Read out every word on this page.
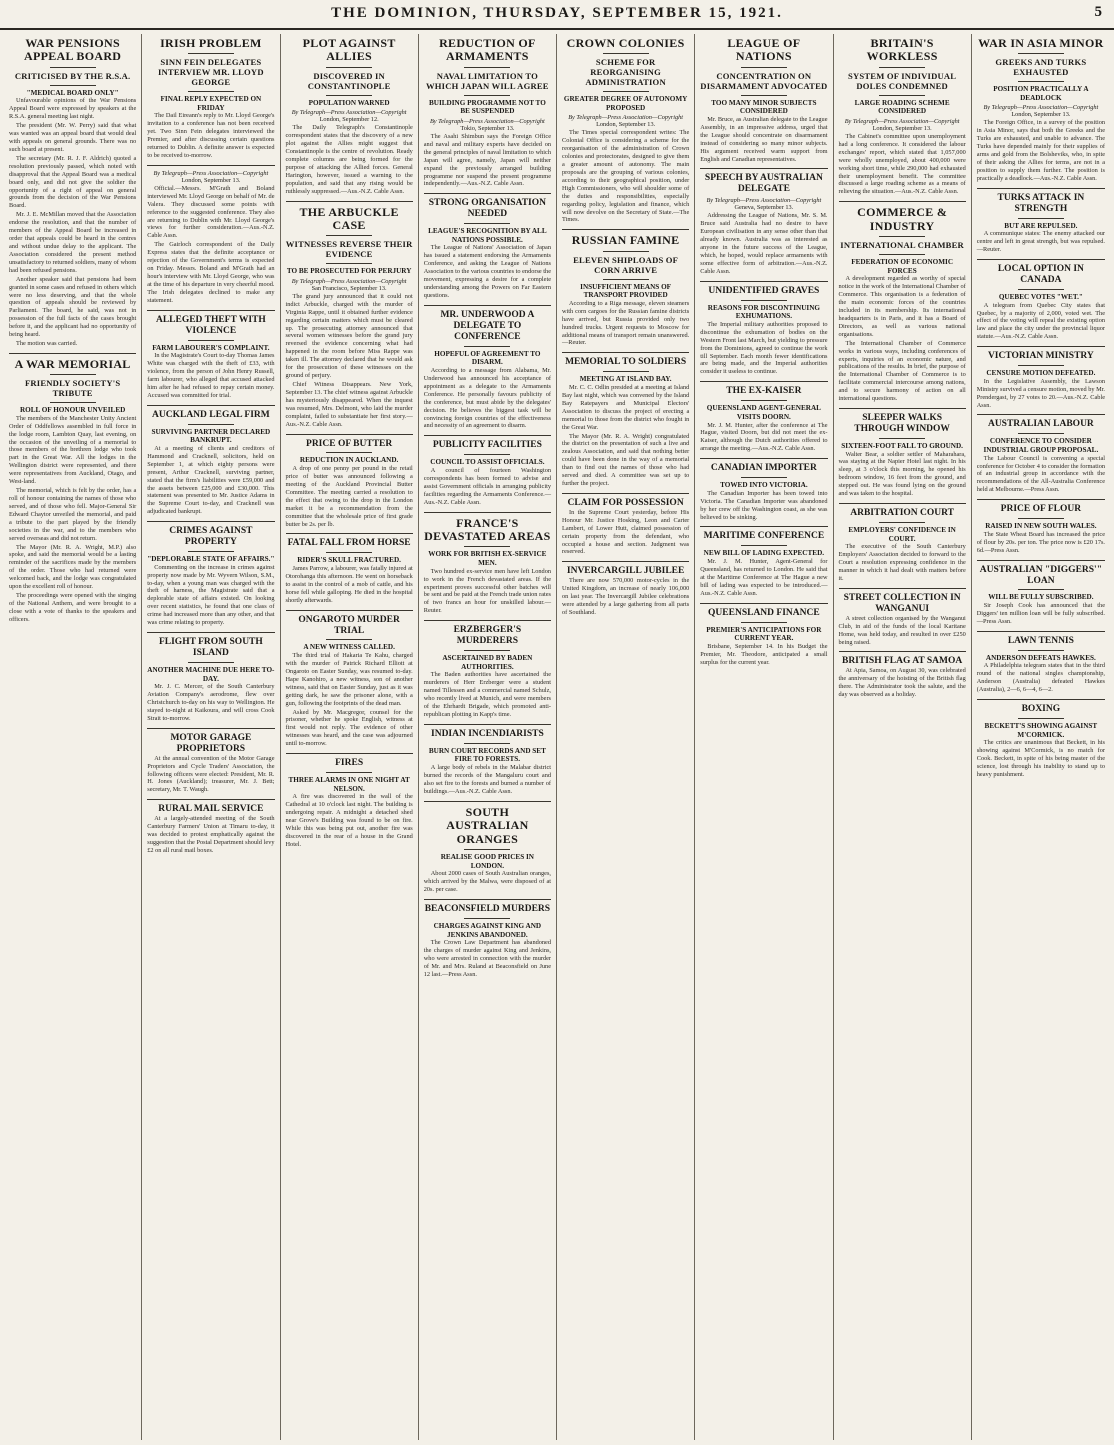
THE DOMINION, THURSDAY, SEPTEMBER 15, 1921.	5
WAR PENSIONS APPEAL BOARD
CRITICISED BY THE R.S.A.
"MEDICAL BOARD ONLY"

Unfavourable opinions of the War Pensions Appeal Board were expressed by speakers at the R.S.A. general meeting last night.

The president (Mr. W. Perry) said that what was wanted was an appeal board that would deal with appeals on general grounds. There was no such board at present.

The secretary (Mr. R. J. F. Aldrich) quoted a resolution previously passed, which noted with disapproval that the Appeal Board was a medical board only, and did not give the soldier the opportunity of a right of appeal on general grounds from the decision of the War Pensions Board.

Mr. J. E. McMillan moved that the Association endorse the resolution, and that the number of members of the Appeal Board be increased in order that appeals could be heard in the centres and without undue delay to the applicant. The Association considered the present method unsatisfactory to returned soldiers, many of whom had been refused pensions.

Another speaker said that pensions had been granted in some cases and refused in others which were no less deserving, and that the whole question of appeals should be reviewed by Parliament. The board, he said, was not in possession of the full facts of the cases brought before it, and the applicant had no opportunity of being heard.

The motion was carried.

A WAR MEMORIAL
FRIENDLY SOCIETY'S TRIBUTE
ROLL OF HONOUR UNVEILED

The members of the Manchester Unity Ancient Order of Oddfellows assembled in full force in the lodge room, Lambton Quay, last evening, on the occasion of the unveiling of a memorial to those members of the brethren lodge who took part in the Great War. All the lodges in the Wellington district were represented, and there were representatives from Auckland, Otago, and West-land.

The memorial, which is felt by the order, has a roll of honour containing the names of those who served, and of those who fell. Major-General Sir Edward Chaytor unveiled the memorial, and paid a tribute to the part played by the friendly societies in the war, and to the members who served overseas and did not return.

The Mayor (Mr. R. A. Wright, M.P.) also spoke, and said the memorial would be a lasting reminder of the sacrifices made by the members of the order. Those who had returned were welcomed back, and the lodge was congratulated upon the excellent roll of honour.

The proceedings were opened with the singing of the National Anthem, and were brought to a close with a vote of thanks to the speakers and officers.

IRISH PROBLEM
SINN FEIN DELEGATES INTERVIEW MR. LLOYD GEORGE
FINAL REPLY EXPECTED ON FRIDAY

The Dail Eireann's reply to Mr. Lloyd George's invitation to a conference has not been received yet. Two Sinn Fein delegates interviewed the Premier, and after discussing certain questions returned to Dublin. A definite answer is expected to be received to-morrow.

By Telegraph—Press Association—Copyright
London, September 13.

Official.—Messrs. M'Grath and Boland interviewed Mr. Lloyd George on behalf of Mr. de Valera. They discussed some points with reference to the suggested conference. They also are returning to Dublin with Mr. Lloyd George's views for further consideration.—Aus.-N.Z. Cable Assn.

The Gairloch correspondent of the Daily Express states that the definite acceptance or rejection of the Government's terms is expected on Friday. Messrs. Boland and M'Grath had an hour's interview with Mr. Lloyd George, who was at the time of his departure in very cheerful mood. The Irish delegates declined to make any statement.

ALLEGED THEFT WITH VIOLENCE
FARM LABOURER'S COMPLAINT.

In the Magistrate's Court to-day Thomas James White was charged with the theft of £33, with violence, from the person of John Henry Russell, farm labourer, who alleged that accused attacked him after he had refused to repay certain money. Accused was committed for trial.

AUCKLAND LEGAL FIRM
SURVIVING PARTNER DECLARED BANKRUPT.

At a meeting of clients and creditors of Hammond and Cracknell, solicitors, held on September 1, at which eighty persons were present, Arthur Cracknell, surviving partner, stated that the firm's liabilities were £59,000 and the assets between £25,000 and £30,000. This statement was presented to Mr. Justice Adams in the Supreme Court to-day, and Cracknell was adjudicated bankrupt.

CRIMES AGAINST PROPERTY
"DEPLORABLE STATE OF AFFAIRS."

Commenting on the increase in crimes against property now made by Mr. Wyvern Wilson, S.M., to-day, when a young man was charged with the theft of harness, the Magistrate said that a deplorable state of affairs existed. On looking over recent statistics, he found that one class of crime had increased more than any other, and that was crime relating to property.

FLIGHT FROM SOUTH ISLAND
ANOTHER MACHINE DUE HERE TO-DAY.

Mr. J. C. Mercer, of the South Canterbury Aviation Company's aerodrome, flew over Christchurch to-day on his way to Wellington. He stayed to-night at Kaikoura, and will cross Cook Strait to-morrow.

MOTOR GARAGE PROPRIETORS

At the annual convention of the Motor Garage Proprietors and Cycle Traders' Association, the following officers were elected: President, Mr. R. H. Jones (Auckland); treasurer, Mr. J. Bett; secretary, Mr. T. Waugh.

RURAL MAIL SERVICE

At a largely-attended meeting of the South Canterbury Farmers' Union at Timaru to-day, it was decided to protest emphatically against the suggestion that the Postal Department should levy £2 on all rural mail boxes.

PLOT AGAINST ALLIES
DISCOVERED IN CONSTANTINOPLE
POPULATION WARNED
By Telegraph—Press Association—Copyright
London, September 12.

The Daily Telegraph's Constantinople correspondent states that the discovery of a new plot against the Allies might suggest that Constantinople is the centre of revolution. Ready complete columns are being formed for the purpose of attacking the Allied forces. General Harington, however, issued a warning to the population, and said that any rising would be ruthlessly suppressed.—Aus.-N.Z. Cable Assn.

THE ARBUCKLE CASE
WITNESSES REVERSE THEIR EVIDENCE
TO BE PROSECUTED FOR PERJURY
By Telegraph—Press Association—Copyright
San Francisco, September 13.

The grand jury announced that it could not indict Arbuckle, charged with the murder of Virginia Rappe, until it obtained further evidence regarding certain matters which must be cleared up. The prosecuting attorney announced that several women witnesses before the grand jury reversed the evidence concerning what had happened in the room before Miss Rappe was taken ill. The attorney declared that he would ask for the prosecution of these witnesses on the ground of perjury.

Chief Witness Disappears. New York, September 13. The chief witness against Arbuckle has mysteriously disappeared. When the inquest was resumed, Mrs. Delmont, who laid the murder complaint, failed to substantiate her first story.—Aus.-N.Z. Cable Assn.

PRICE OF BUTTER
REDUCTION IN AUCKLAND.

A drop of one penny per pound in the retail price of butter was announced following a meeting of the Auckland Provincial Butter Committee. The meeting carried a resolution to the effect that owing to the drop in the London market it be a recommendation from the committee that the wholesale price of first grade butter be 2s. per lb.

FATAL FALL FROM HORSE
RIDER'S SKULL FRACTURED.

James Parrow, a labourer, was fatally injured at Otorohanga this afternoon. He went on horseback to assist in the control of a mob of cattle, and his horse fell while galloping. He died in the hospital shortly afterwards.

ONGAROTO MURDER TRIAL
A NEW WITNESS CALLED.

The third trial of Hakaria Te Kahu, charged with the murder of Patrick Richard Elliott at Ongaroto on Easter Sunday, was resumed to-day. Hape Kanohiro, a new witness, son of another witness, said that on Easter Sunday, just as it was getting dark, he saw the prisoner alone, with a gun, following the footprints of the dead man.

Asked by Mr. Macgregor, counsel for the prisoner, whether he spoke English, witness at first would not reply. The evidence of other witnesses was heard, and the case was adjourned until to-morrow.

FIRES
THREE ALARMS IN ONE NIGHT AT NELSON.

A fire was discovered in the wall of the Cathedral at 10 o'clock last night. The building is undergoing repair. A midnight a detached shed near Grove's Building was found to be on fire. While this was being put out, another fire was discovered in the rear of a house in the Grand Hotel.

REDUCTION OF ARMAMENTS
NAVAL LIMITATION TO WHICH JAPAN WILL AGREE
BUILDING PROGRAMME NOT TO BE SUSPENDED
By Telegraph—Press Association—Copyright
Tokio, September 13.

The Asahi Shimbun says the Foreign Office and naval and military experts have decided on the general principles of naval limitation to which Japan will agree, namely, Japan will neither expand the previously arranged building programme nor suspend the present programme independently.—Aus.-N.Z. Cable Assn.

STRONG ORGANISATION NEEDED
LEAGUE'S RECOGNITION BY ALL NATIONS POSSIBLE.

The League of Nations' Association of Japan has issued a statement endorsing the Armaments Conference, and asking the League of Nations Association to the various countries to endorse the movement, expressing a desire for a complete understanding among the Powers on Far Eastern questions.

MR. UNDERWOOD A DELEGATE TO CONFERENCE
HOPEFUL OF AGREEMENT TO DISARM.

According to a message from Alabama, Mr. Underwood has announced his acceptance of appointment as a delegate to the Armaments Conference. He personally favours publicity of the conference, but must abide by the delegates' decision. He believes the biggest task will be convincing foreign countries of the effectiveness and necessity of an agreement to disarm.

PUBLICITY FACILITIES
COUNCIL TO ASSIST OFFICIALS.

A council of fourteen Washington correspondents has been formed to advise and assist Government officials in arranging publicity facilities regarding the Armaments Conference.—Aus.-N.Z. Cable Assn.

FRANCE'S DEVASTATED AREAS
WORK FOR BRITISH EX-SERVICE MEN.

Two hundred ex-service men have left London to work in the French devastated areas. If the experiment proves successful other batches will be sent and be paid at the French trade union rates of two francs an hour for unskilled labour.—Reuter.

ERZBERGER'S MURDERERS
ASCERTAINED BY BADEN AUTHORITIES.

The Baden authorities have ascertained the murderers of Herr Erzberger were a student named Tillessen and a commercial named Schulz, who recently lived at Munich, and were members of the Ehrhardt Brigade, which promoted anti-republican plotting in Kapp's time.

INDIAN INCENDIARISTS
BURN COURT RECORDS AND SET FIRE TO FORESTS.

A large body of rebels in the Malabar district burned the records of the Mangaluru court and also set fire to the forests and burned a number of buildings.—Aus.-N.Z. Cable Assn.

SOUTH AUSTRALIAN ORANGES
REALISE GOOD PRICES IN LONDON.

About 2000 cases of South Australian oranges, which arrived by the Malwa, were disposed of at 20s. per case.

BEACONSFIELD MURDERS
CHARGES AGAINST KING AND JENKINS ABANDONED.

The Crown Law Department has abandoned the charges of murder against King and Jenkins, who were arrested in connection with the murder of Mr. and Mrs. Ruland at Beaconsfield on June 12 last.—Press Assn.

CROWN COLONIES
SCHEME FOR REORGANISING ADMINISTRATION
GREATER DEGREE OF AUTONOMY PROPOSED
By Telegraph—Press Association—Copyright
London, September 13.

The Times special correspondent writes: The Colonial Office is considering a scheme for the reorganisation of the administration of Crown colonies and protectorates, designed to give them a greater amount of autonomy. The main proposals are the grouping of various colonies, according to their geographical position, under High Commissioners, who will shoulder some of the duties and responsibilities, especially regarding policy, legislation and finance, which will now devolve on the Secretary of State.—The Times.

RUSSIAN FAMINE
ELEVEN SHIPLOADS OF CORN ARRIVE
INSUFFICIENT MEANS OF TRANSPORT PROVIDED

According to a Riga message, eleven steamers with corn cargoes for the Russian famine districts have arrived, but Russia provided only two hundred trucks. Urgent requests to Moscow for additional means of transport remain unanswered.—Reuter.

MEMORIAL TO SOLDIERS
MEETING AT ISLAND BAY.

Mr. C. C. Odlin presided at a meeting at Island Bay last night, which was convened by the Island Bay Ratepayers and Municipal Electors' Association to discuss the project of erecting a memorial to those from the district who fought in the Great War.

The Mayor (Mr. R. A. Wright) congratulated the district on the presentation of such a live and zealous Association, and said that nothing better could have been done in the way of a memorial than to find out the names of those who had served and died. A committee was set up to further the project.

CLAIM FOR POSSESSION

In the Supreme Court yesterday, before His Honour Mr. Justice Hosking, Leon and Carter Lambert, of Lower Hutt, claimed possession of certain property from the defendant, who occupied a house and section. Judgment was reserved.

INVERCARGILL JUBILEE

There are now 570,000 motor-cycles in the United Kingdom, an increase of nearly 106,000 on last year. The Invercargill Jubilee celebrations were attended by a large gathering from all parts of Southland.

LEAGUE OF NATIONS
CONCENTRATION ON DISARMAMENT ADVOCATED
TOO MANY MINOR SUBJECTS CONSIDERED

Mr. Bruce, as Australian delegate to the League Assembly, in an impressive address, urged that the League should concentrate on disarmament instead of considering so many minor subjects. His argument received warm support from English and Canadian representatives.

SPEECH BY AUSTRALIAN DELEGATE
By Telegraph—Press Association—Copyright
Geneva, September 13.

Addressing the League of Nations, Mr. S. M. Bruce said Australia had no desire to have European civilisation in any sense other than that already known. Australia was as interested as anyone in the future success of the League, which, he hoped, would replace armaments with some effective form of arbitration.—Aus.-N.Z. Cable Assn.

UNIDENTIFIED GRAVES
REASONS FOR DISCONTINUING EXHUMATIONS.

The Imperial military authorities proposed to discontinue the exhumation of bodies on the Western Front last March, but yielding to pressure from the Dominions, agreed to continue the work till September. Each month fewer identifications are being made, and the Imperial authorities consider it useless to continue.

THE EX-KAISER
QUEENSLAND AGENT-GENERAL VISITS DOORN.

Mr. J. M. Hunter, after the conference at The Hague, visited Doorn, but did not meet the ex-Kaiser, although the Dutch authorities offered to arrange the meeting.—Aus.-N.Z. Cable Assn.

CANADIAN IMPORTER
TOWED INTO VICTORIA.

The Canadian Importer has been towed into Victoria. The Canadian Importer was abandoned by her crew off the Washington coast, as she was believed to be sinking.

MARITIME CONFERENCE
NEW BILL OF LADING EXPECTED.

Mr. J. M. Hunter, Agent-General for Queensland, has returned to London. He said that at the Maritime Conference at The Hague a new bill of lading was expected to be introduced.—Aus.-N.Z. Cable Assn.

QUEENSLAND FINANCE
PREMIER'S ANTICIPATIONS FOR CURRENT YEAR.

Brisbane, September 14. In his Budget the Premier, Mr. Theodore, anticipated a small surplus for the current year.

BRITAIN'S WORKLESS
SYSTEM OF INDIVIDUAL DOLES CONDEMNED
LARGE ROADING SCHEME CONSIDERED
By Telegraph—Press Association—Copyright
London, September 13.

The Cabinet's committee upon unemployment had a long conference. It considered the labour exchanges' report, which stated that 1,057,000 were wholly unemployed, about 400,000 were working short time, while 290,000 had exhausted their unemployment benefit. The committee discussed a large roading scheme as a means of relieving the situation.—Aus.-N.Z. Cable Assn.

COMMERCE & INDUSTRY
INTERNATIONAL CHAMBER
FEDERATION OF ECONOMIC FORCES

A development regarded as worthy of special notice in the work of the International Chamber of Commerce. This organisation is a federation of the main economic forces of the countries included in its membership. Its international headquarters is in Paris, and it has a Board of Directors, as well as various national organisations.

The International Chamber of Commerce works in various ways, including conferences of experts, inquiries of an economic nature, and publications of the results. In brief, the purpose of the International Chamber of Commerce is to facilitate commercial intercourse among nations, and to secure harmony of action on all international questions.

SLEEPER WALKS THROUGH WINDOW
SIXTEEN-FOOT FALL TO GROUND.

Walter Bear, a soldier settler of Maharahara, was staying at the Napier Hotel last night. In his sleep, at 3 o'clock this morning, he opened his bedroom window, 16 feet from the ground, and stepped out. He was found lying on the ground and was taken to the hospital.

ARBITRATION COURT
EMPLOYERS' CONFIDENCE IN COURT.

The executive of the South Canterbury Employers' Association decided to forward to the Court a resolution expressing confidence in the manner in which it had dealt with matters before it.

STREET COLLECTION IN WANGANUI

A street collection organised by the Wanganui Club, in aid of the funds of the local Karitane Home, was held today, and resulted in over £250 being raised.

BRITISH FLAG AT SAMOA

At Apia, Samoa, on August 30, was celebrated the anniversary of the hoisting of the British flag there. The Administrator took the salute, and the day was observed as a holiday.

WAR IN ASIA MINOR
GREEKS AND TURKS EXHAUSTED
POSITION PRACTICALLY A DEADLOCK
By Telegraph—Press Association—Copyright
London, September 13.

The Foreign Office, in a survey of the position in Asia Minor, says that both the Greeks and the Turks are exhausted, and unable to advance. The Turks have depended mainly for their supplies of arms and gold from the Bolsheviks, who, in spite of their asking the Allies for terms, are not in a position to supply them further. The position is practically a deadlock.—Aus.-N.Z. Cable Assn.

TURKS ATTACK IN STRENGTH
BUT ARE REPULSED.

A communique states: The enemy attacked our centre and left in great strength, but was repulsed.—Reuter.

LOCAL OPTION IN CANADA
QUEBEC VOTES "WET."

A telegram from Quebec City states that Quebec, by a majority of 2,000, voted wet. The effect of the voting will repeal the existing option law and place the city under the provincial liquor statute.—Aus.-N.Z. Cable Assn.

VICTORIAN MINISTRY
CENSURE MOTION DEFEATED.

In the Legislative Assembly, the Lawson Ministry survived a censure motion, moved by Mr. Prendergast, by 27 votes to 20.—Aus.-N.Z. Cable Assn.

AUSTRALIAN LABOUR
CONFERENCE TO CONSIDER INDUSTRIAL GROUP PROPOSAL.

The Labour Council is convening a special conference for October 4 to consider the formation of an industrial group in accordance with the recommendations of the All-Australia Conference held at Melbourne.—Press Assn.

PRICE OF FLOUR
RAISED IN NEW SOUTH WALES.

The State Wheat Board has increased the price of flour by 20s. per ton. The price now is £20 17s. 6d.—Press Assn.

AUSTRALIAN "DIGGERS'" LOAN
WILL BE FULLY SUBSCRIBED.

Sir Joseph Cook has announced that the Diggers' ten million loan will be fully subscribed.—Press Assn.

LAWN TENNIS
ANDERSON DEFEATS HAWKES.

A Philadelphia telegram states that in the third round of the national singles championship, Anderson (Australia) defeated Hawkes (Australia), 2—6, 6—4, 6—2.

BOXING
BECKETT'S SHOWING AGAINST M'CORMICK.

The critics are unanimous that Beckett, in his showing against M'Cormick, is no match for Cook. Beckett, in spite of his being master of the science, lost through his inability to stand up to heavy punishment.
